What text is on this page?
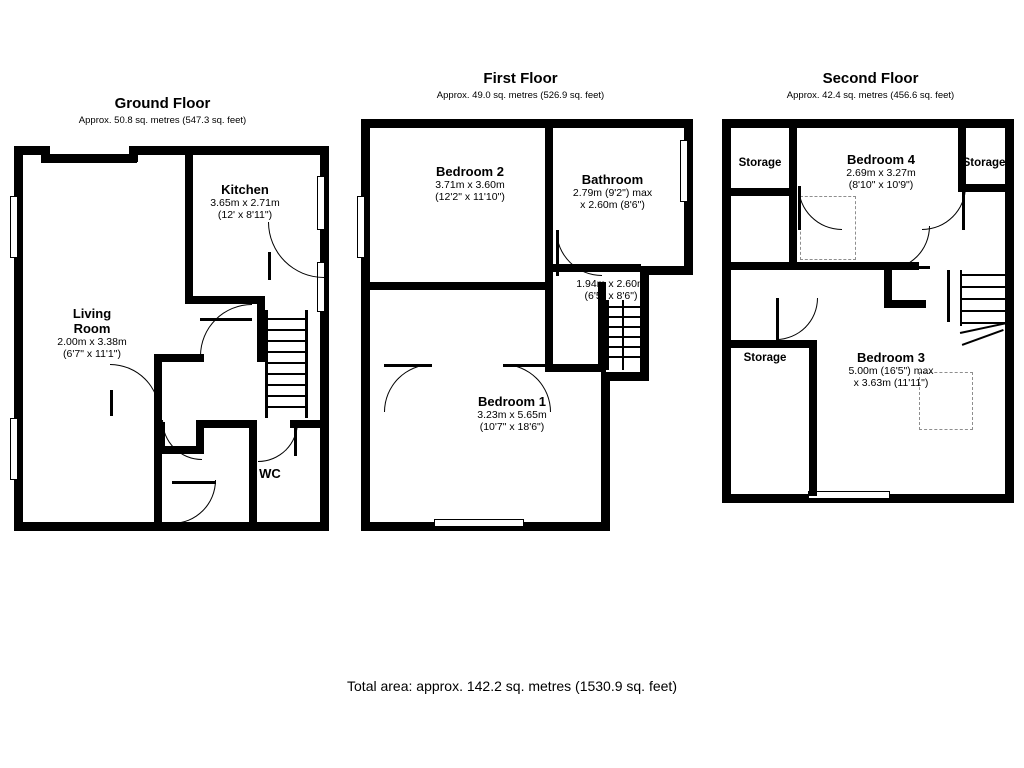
Ground Floor
Approx. 50.8 sq. metres (547.3 sq. feet)
Kitchen
3.65m x 2.71m
(12' x 8'11")
Living
Room
2.00m x 3.38m
(6'7" x 11'1")
WC
First Floor
Approx. 49.0 sq. metres (526.9 sq. feet)
Bedroom 2
3.71m x 3.60m
(12'2" x 11'10")
Bathroom
2.79m (9'2") max
x 2.60m (8'6")
1.94m x 2.60m
(6'5" x 8'6")
Bedroom 1
3.23m x 5.65m
(10'7" x 18'6")
Second Floor
Approx. 42.4 sq. metres (456.6 sq. feet)
Storage	Bedroom 4
2.69m x 3.27m
(8'10" x 10'9")
Storage
Storage	Bedroom 3
5.00m (16'5") max
x 3.63m (11'11")
Total area: approx. 142.2 sq. metres (1530.9 sq. feet)
